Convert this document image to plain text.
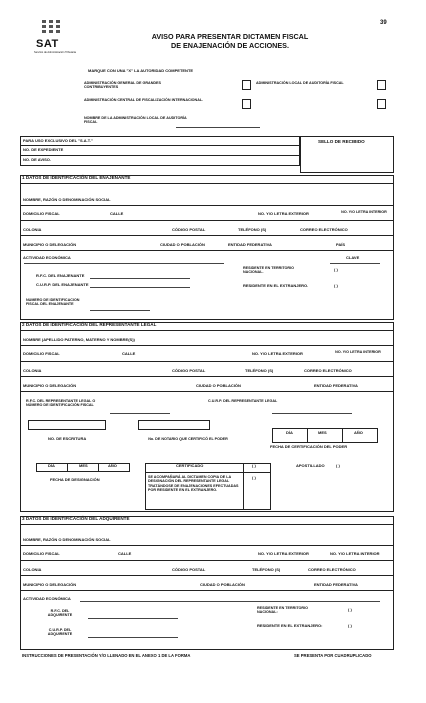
39
SAT
Servicio de Administración Tributaria
AVISO PARA PRESENTAR DICTAMEN FISCAL
DE ENAJENACIÓN DE ACCIONES.
MARQUE CON UNA "X" LA AUTORIDAD COMPETENTE
ADMINISTRACIÓN GENERAL DE GRANDES CONTRIBUYENTES
ADMINISTRACIÓN LOCAL DE AUDITORÍA FISCAL
ADMINISTRACIÓN CENTRAL DE FISCALIZACIÓN INTERNACIONAL.
NOMBRE DE LA ADMINISTRACIÓN LOCAL DE AUDITORÍA FISCAL
PARA USO EXCLUSIVO DEL "S.A.T."
NO. DE EXPEDIENTE
NO. DE AVISO.
SELLO DE RECIBIDO
1 DATOS DE IDENTIFICACIÓN DEL ENAJENANTE
NOMBRE, RAZÓN O DENOMINACIÓN SOCIAL
DOMICILIO FISCAL	CALLE	NO. Y/O LETRA EXTERIOR	NO. Y/O LETRA INTERIOR
COLONIA	CÓDIGO POSTAL	TELÉFONO (S)	CORREO ELECTRÓNICO
MUNICIPIO O DELEGACIÓN	CIUDAD O POBLACIÓN	ENTIDAD FEDERATIVA	PAÍS
ACTIVIDAD ECONÓMICA	CLAVE
R.F.C. DEL ENAJENANTE
C.U.R.P. DEL ENAJENANTE
RESIDENTE EN TERRITORIO NACIONAL.
( )
RESIDENTE EN EL EXTRANJERO.	( )
NUMERO DE IDENTIFICACION FISCAL DEL ENAJENANTE
2 DATOS DE IDENTIFICACIÓN DEL REPRESENTANTE LEGAL
NOMBRE (APELLIDO PATERNO, MATERNO Y NOMBRE(S))
DOMICILIO FISCAL	CALLE	NO. Y/O LETRA EXTERIOR	NO. Y/O LETRA INTERIOR
COLONIA	CÓDIGO POSTAL	TELÉFONO (S)	CORREO ELECTRÓNICO
MUNICIPIO O DELEGACIÓN	CIUDAD O POBLACIÓN	ENTIDAD FEDERATIVA
R.F.C. DEL REPRESENTANTE LEGAL O NÚMERO DE IDENTIFICACIÓN FISCAL
C.U.R.P. DEL REPRESENTANTE LEGAL
NO. DE ESCRITURA	No. DE NOTARIO QUE CERTIFICÓ EL PODER
DÍA	MES	AÑO
FECHA DE CERTIFICACIÓN DEL PODER
DÍA	MES	AÑO
FECHA DE DESIGNACIÓN
CERTIFICADO	( )
SE ACOMPAÑARÁ AL DICTAMEN COPIA DE LA DESIGNACIÓN DEL REPRESENTANTE LEGAL TRATÁNDOSE DE ENAJENACIONES EFECTUADAS POR RESIDENTE EN EL EXTRANJERO.
( )
APOSTILLADO	( )
3 DATOS DE IDENTIFICACIÓN DEL ADQUIRENTE
NOMBRE, RAZÓN O DENOMINACIÓN SOCIAL
DOMICILIO FISCAL	CALLE	NO. Y/O LETRA EXTERIOR	NO. Y/O LETRA INTERIOR
COLONIA	CÓDIGO POSTAL	TELÉFONO (S)	CORREO ELECTRÓNICO
MUNICIPIO O DELEGACIÓN	CIUDAD O POBLACIÓN	ENTIDAD FEDERATIVA
ACTIVIDAD ECONÓMICA
R.F.C. DEL ADQUIRENTE
C.U.R.P. DEL ADQUIRENTE
RESIDENTE EN TERRITORIO NACIONAL:
( )
RESIDENTE EN EL EXTRANJERO:	( )
INSTRUCCIONES DE PRESENTACIÓN Y/O LLENADO EN EL ANEXO 1 DE LA FORMA	SE PRESENTA POR CUADRUPLICADO
